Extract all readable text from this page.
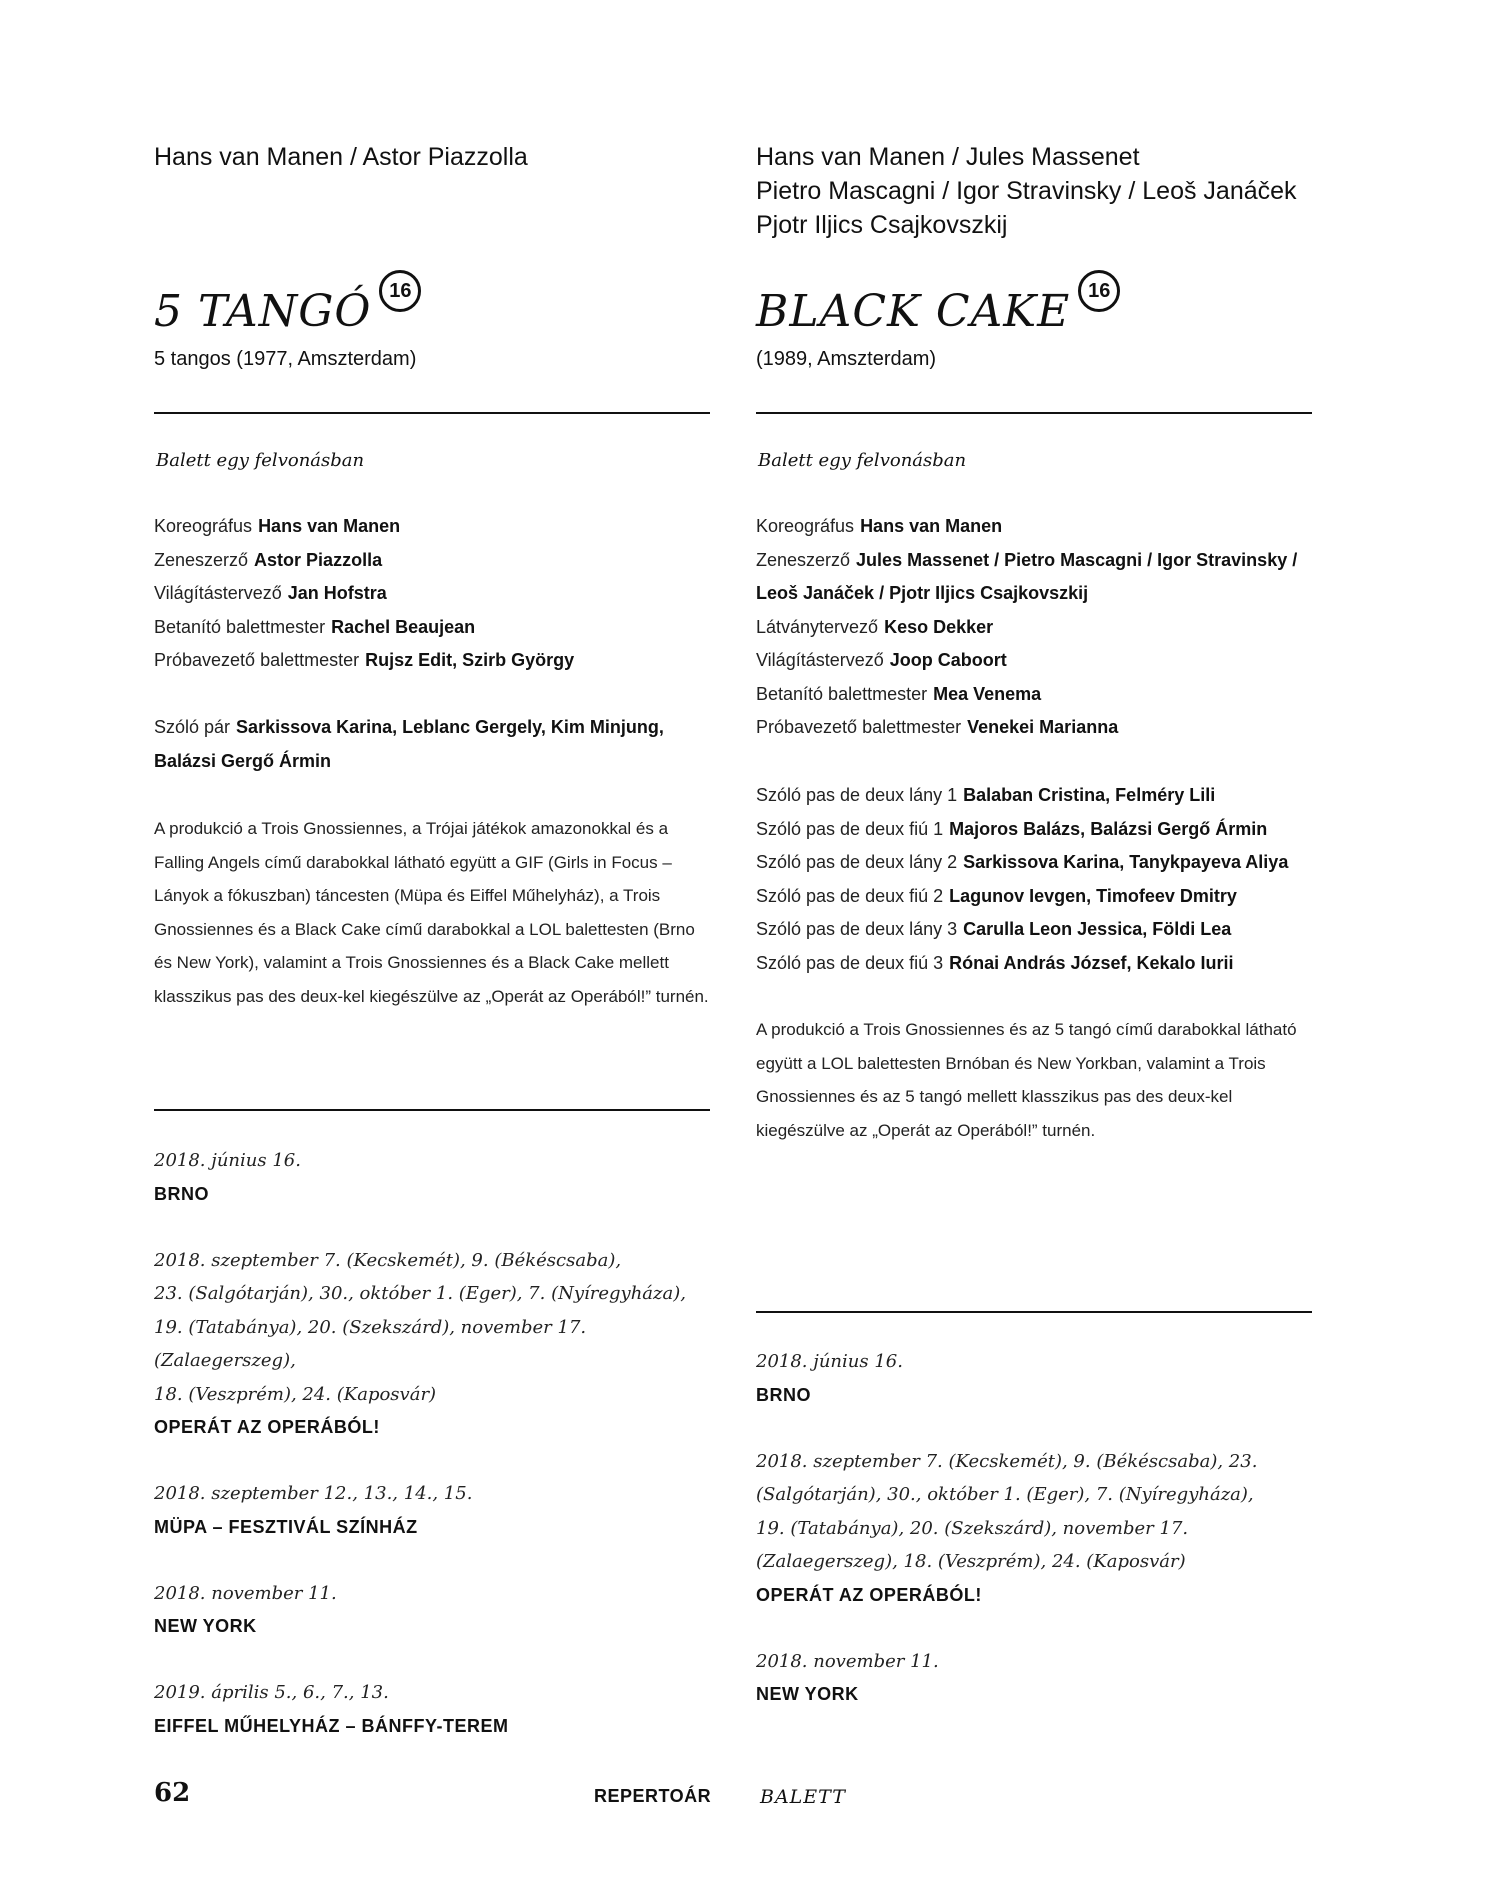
Hans van Manen / Astor Piazzolla
5 TANGÓ 16
5 tangos (1977, Amszterdam)
Balett egy felvonásban
Koreográfus Hans van Manen
Zeneszerző Astor Piazzolla
Világítástervező Jan Hofstra
Betanító balettmester Rachel Beaujean
Próbavezető balettmester Rujsz Edit, Szirb György
Szóló pár Sarkissova Karina, Leblanc Gergely, Kim Minjung,
Balázsi Gergő Ármin
A produkció a Trois Gnossiennes, a Trójai játékok amazonokkal és a Falling Angels című darabokkal látható együtt a GIF (Girls in Focus – Lányok a fókuszban) táncesten (Müpa és Eiffel Műhelyház), a Trois Gnossiennes és a Black Cake című darabokkal a LOL balettesten (Brno és New York), valamint a Trois Gnossiennes és a Black Cake mellett klasszikus pas des deux-kel kiegészülve az „Operát az Operából!” turnén.
2018. június 16.
BRNO
2018. szeptember 7. (Kecskemét), 9. (Békéscsaba),
23. (Salgótarján), 30., október 1. (Eger), 7. (Nyíregyháza),
19. (Tatabánya), 20. (Szekszárd), november 17. (Zalaegerszeg),
18. (Veszprém), 24. (Kaposvár)
OPERÁT AZ OPERÁBÓL!
2018. szeptember 12., 13., 14., 15.
MÜPA – FESZTIVÁL SZÍNHÁZ
2018. november 11.
NEW YORK
2019. április 5., 6., 7., 13.
EIFFEL MŰHELYHÁZ – BÁNFFY-TEREM
Hans van Manen / Jules Massenet
Pietro Mascagni / Igor Stravinsky / Leoš Janáček
Pjotr Iljics Csajkovszkij
BLACK CAKE 16
(1989, Amszterdam)
Balett egy felvonásban
Koreográfus Hans van Manen
Zeneszerző Jules Massenet / Pietro Mascagni / Igor Stravinsky /
Leoš Janáček / Pjotr Iljics Csajkovszkij
Látványtervező Keso Dekker
Világítástervező Joop Caboort
Betanító balettmester Mea Venema
Próbavezető balettmester Venekei Marianna
Szóló pas de deux lány 1 Balaban Cristina, Felméry Lili
Szóló pas de deux fiú 1 Majoros Balázs, Balázsi Gergő Ármin
Szóló pas de deux lány 2 Sarkissova Karina, Tanykpayeva Aliya
Szóló pas de deux fiú 2 Lagunov Ievgen, Timofeev Dmitry
Szóló pas de deux lány 3 Carulla Leon Jessica, Földi Lea
Szóló pas de deux fiú 3 Rónai András József, Kekalo Iurii
A produkció a Trois Gnossiennes és az 5 tangó című darabokkal látható együtt a LOL balettesten Brnóban és New Yorkban, valamint a Trois Gnossiennes és az 5 tangó mellett klasszikus pas des deux-kel kiegészülve az „Operát az Operából!” turnén.
2018. június 16.
BRNO
2018. szeptember 7. (Kecskemét), 9. (Békéscsaba), 23.
(Salgótarján), 30., október 1. (Eger), 7. (Nyíregyháza),
19. (Tatabánya), 20. (Szekszárd), november 17.
(Zalaegerszeg), 18. (Veszprém), 24. (Kaposvár)
OPERÁT AZ OPERÁBÓL!
2018. november 11.
NEW YORK
62	REPERTOÁR	BALETT
